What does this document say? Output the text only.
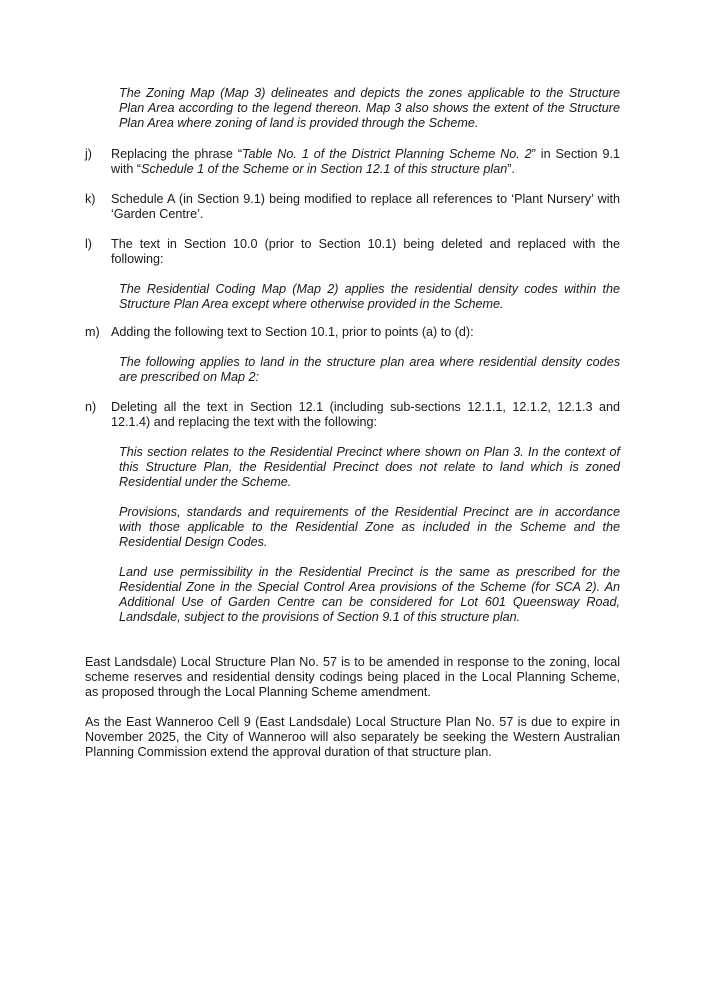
The Zoning Map (Map 3) delineates and depicts the zones applicable to the Structure Plan Area according to the legend thereon. Map 3 also shows the extent of the Structure Plan Area where zoning of land is provided through the Scheme.

j) Replacing the phrase “Table No. 1 of the District Planning Scheme No. 2” in Section 9.1 with “Schedule 1 of the Scheme or in Section 12.1 of this structure plan”.
k) Schedule A (in Section 9.1) being modified to replace all references to ‘Plant Nursery’ with ‘Garden Centre’.
l) The text in Section 10.0 (prior to Section 10.1) being deleted and replaced with the following:

The Residential Coding Map (Map 2) applies the residential density codes within the Structure Plan Area except where otherwise provided in the Scheme.

m) Adding the following text to Section 10.1, prior to points (a) to (d):

The following applies to land in the structure plan area where residential density codes are prescribed on Map 2:

n) Deleting all the text in Section 12.1 (including sub-sections 12.1.1, 12.1.2, 12.1.3 and 12.1.4) and replacing the text with the following:

This section relates to the Residential Precinct where shown on Plan 3. In the context of this Structure Plan, the Residential Precinct does not relate to land which is zoned Residential under the Scheme.

Provisions, standards and requirements of the Residential Precinct are in accordance with those applicable to the Residential Zone as included in the Scheme and the Residential Design Codes.

Land use permissibility in the Residential Precinct is the same as prescribed for the Residential Zone in the Special Control Area provisions of the Scheme (for SCA 2). An Additional Use of Garden Centre can be considered for Lot 601 Queensway Road, Landsdale, subject to the provisions of Section 9.1 of this structure plan.

East Landsdale) Local Structure Plan No. 57 is to be amended in response to the zoning, local scheme reserves and residential density codings being placed in the Local Planning Scheme, as proposed through the Local Planning Scheme amendment.

As the East Wanneroo Cell 9 (East Landsdale) Local Structure Plan No. 57 is due to expire in November 2025, the City of Wanneroo will also separately be seeking the Western Australian Planning Commission extend the approval duration of that structure plan.
